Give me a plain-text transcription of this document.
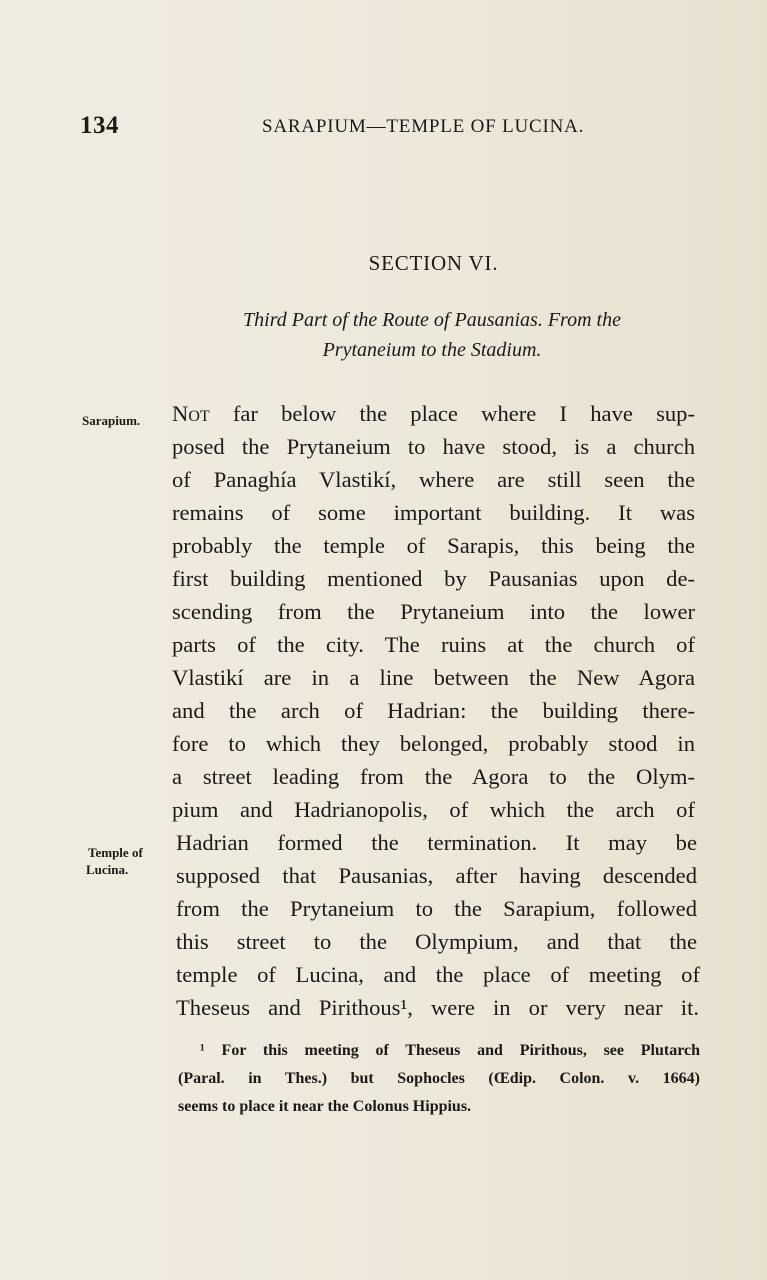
134	SARAPIUM—TEMPLE OF LUCINA.
SECTION VI.
Third Part of the Route of Pausanias. From the
Prytaneium to the Stadium.
Sarapium.
Temple of
Lucina.
Not far below the place where I have sup-
posed the Prytaneium to have stood, is a church
of Panaghía Vlastikí, where are still seen the
remains of some important building. It was
probably the temple of Sarapis, this being the
first building mentioned by Pausanias upon de-
scending from the Prytaneium into the lower
parts of the city. The ruins at the church of
Vlastikí are in a line between the New Agora
and the arch of Hadrian: the building there-
fore to which they belonged, probably stood in
a street leading from the Agora to the Olym-
pium and Hadrianopolis, of which the arch of
Hadrian formed the termination. It may be
supposed that Pausanias, after having descended
from the Prytaneium to the Sarapium, followed
this street to the Olympium, and that the
temple of Lucina, and the place of meeting of
Theseus and Pirithous¹, were in or very near it.
¹ For this meeting of Theseus and Pirithous, see Plutarch
(Paral. in Thes.) but Sophocles (Œdip. Colon. v. 1664)
seems to place it near the Colonus Hippius.
